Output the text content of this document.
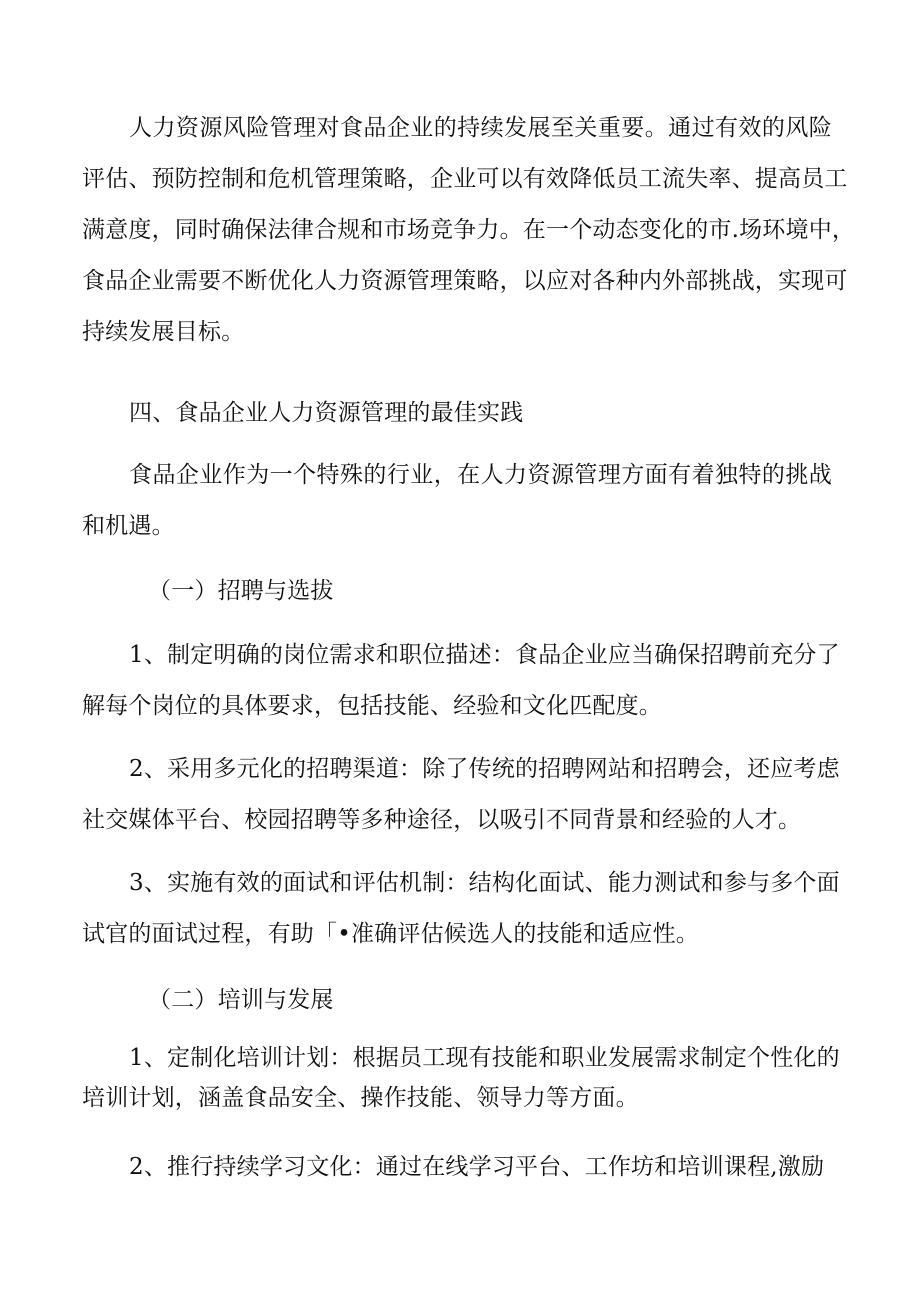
人力资源风险管理对食品企业的持续发展至关重要。通过有效的风险
评估、预防控制和危机管理策略，企业可以有效降低员工流失率、提高员工
满意度，同时确保法律合规和市场竞争力。在一个动态变化的市.场环境中，
食品企业需要不断优化人力资源管理策略，以应对各种内外部挑战，实现可
持续发展目标。
四、食品企业人力资源管理的最佳实践
食品企业作为一个特殊的行业，在人力资源管理方面有着独特的挑战
和机遇。
（一）招聘与选拔
1、制定明确的岗位需求和职位描述：食品企业应当确保招聘前充分了
解每个岗位的具体要求，包括技能、经验和文化匹配度。
2、采用多元化的招聘渠道：除了传统的招聘网站和招聘会，还应考虑
社交媒体平台、校园招聘等多种途径，以吸引不同背景和经验的人才。
3、实施有效的面试和评估机制：结构化面试、能力测试和参与多个面
试官的面试过程，有助「•准确评估候选人的技能和适应性。
（二）培训与发展
1、定制化培训计划：根据员工现有技能和职业发展需求制定个性化的
培训计划，涵盖食品安全、操作技能、领导力等方面。
2、推行持续学习文化：通过在线学习平台、工作坊和培训课程,激励
